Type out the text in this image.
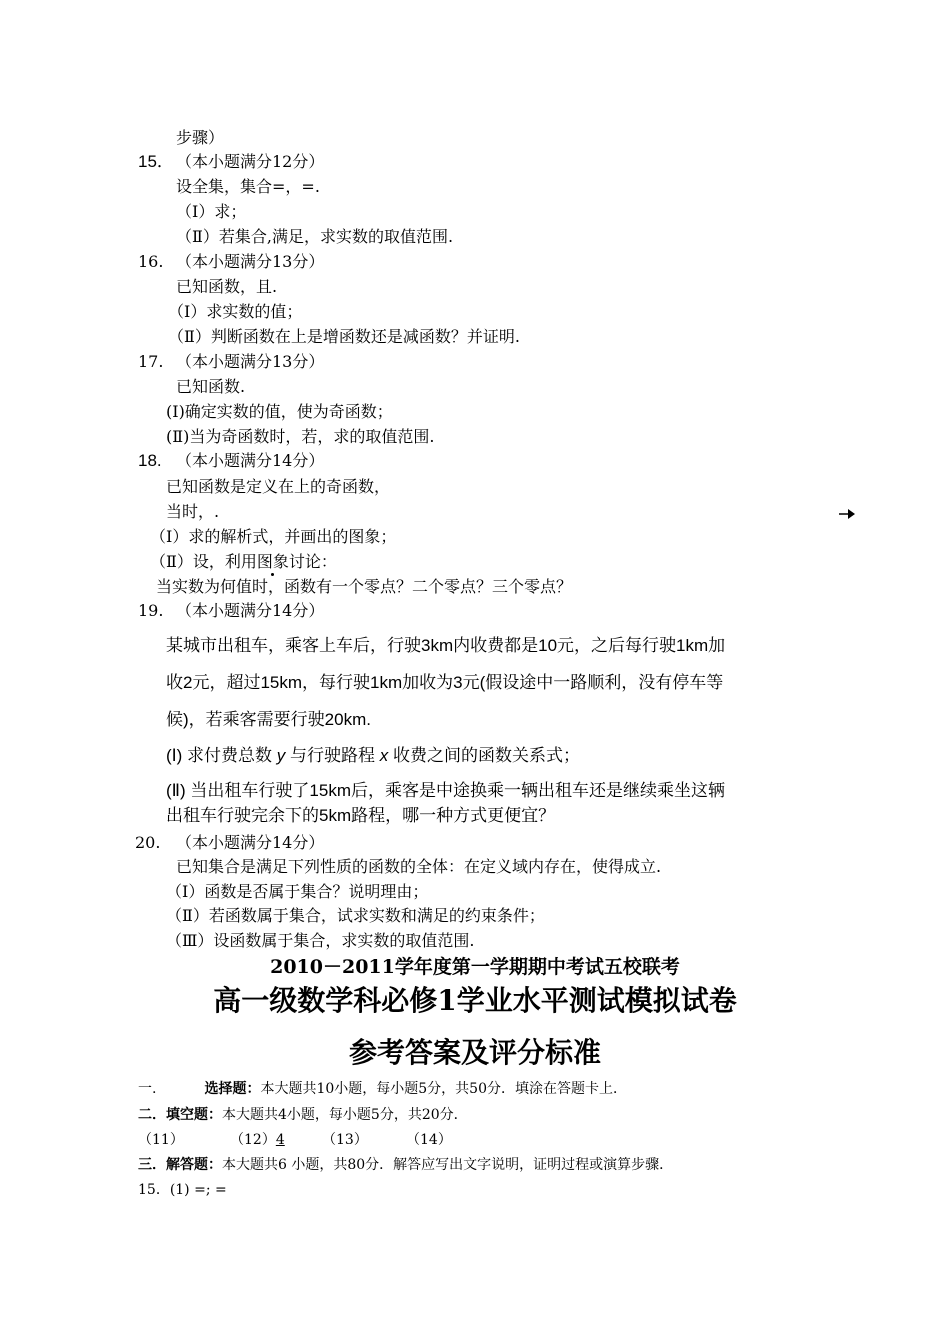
步骤）
15． （本小题满分12分）
设全集，集合=，=.
（Ⅰ）求；
（Ⅱ）若集合,满足，求实数的取值范围.
16. （本小题满分13分）
已知函数，且.
（Ⅰ）求实数的值；
（Ⅱ）判断函数在上是增函数还是减函数？并证明.
17. （本小题满分13分）
已知函数.
(Ⅰ)确定实数的值，使为奇函数；
(Ⅱ)当为奇函数时，若，求的取值范围.
18. （本小题满分14分）
已知函数是定义在上的奇函数，
当时，.
（Ⅰ）求的解析式，并画出的图象；
（Ⅱ）设，利用图象讨论：
当实数为何值时，函数有一个零点？二个零点？三个零点？
19. （本小题满分14分）
某城市出租车，乘客上车后，行驶3km内收费都是10元，之后每行驶1km加
收2元，超过15km，每行驶1km加收为3元(假设途中一路顺利，没有停车等
候)，若乘客需要行驶20km.
(Ⅰ) 求付费总数 y 与行驶路程 x 收费之间的函数关系式；
(Ⅱ) 当出租车行驶了15km后，乘客是中途换乘一辆出租车还是继续乘坐这辆
出租车行驶完余下的5km路程，哪一种方式更便宜？
20. （本小题满分14分）
已知集合是满足下列性质的函数的全体：在定义域内存在，使得成立.
（Ⅰ）函数是否属于集合？说明理由；
（Ⅱ）若函数属于集合，试求实数和满足的约束条件；
（Ⅲ）设函数属于集合，求实数的取值范围.
2010－2011学年度第一学期期中考试五校联考
高一级数学科必修1学业水平测试模拟试卷
参考答案及评分标准
一.	选择题：本大题共10小题，每小题5分，共50分．填涂在答题卡上．
二．填空题：本大题共4小题，每小题5分，共20分．
（11）	（12）4	（13）	（14）
三．解答题：本大题共6 小题，共80分．解答应写出文字说明，证明过程或演算步骤．
15．(1) =; =
